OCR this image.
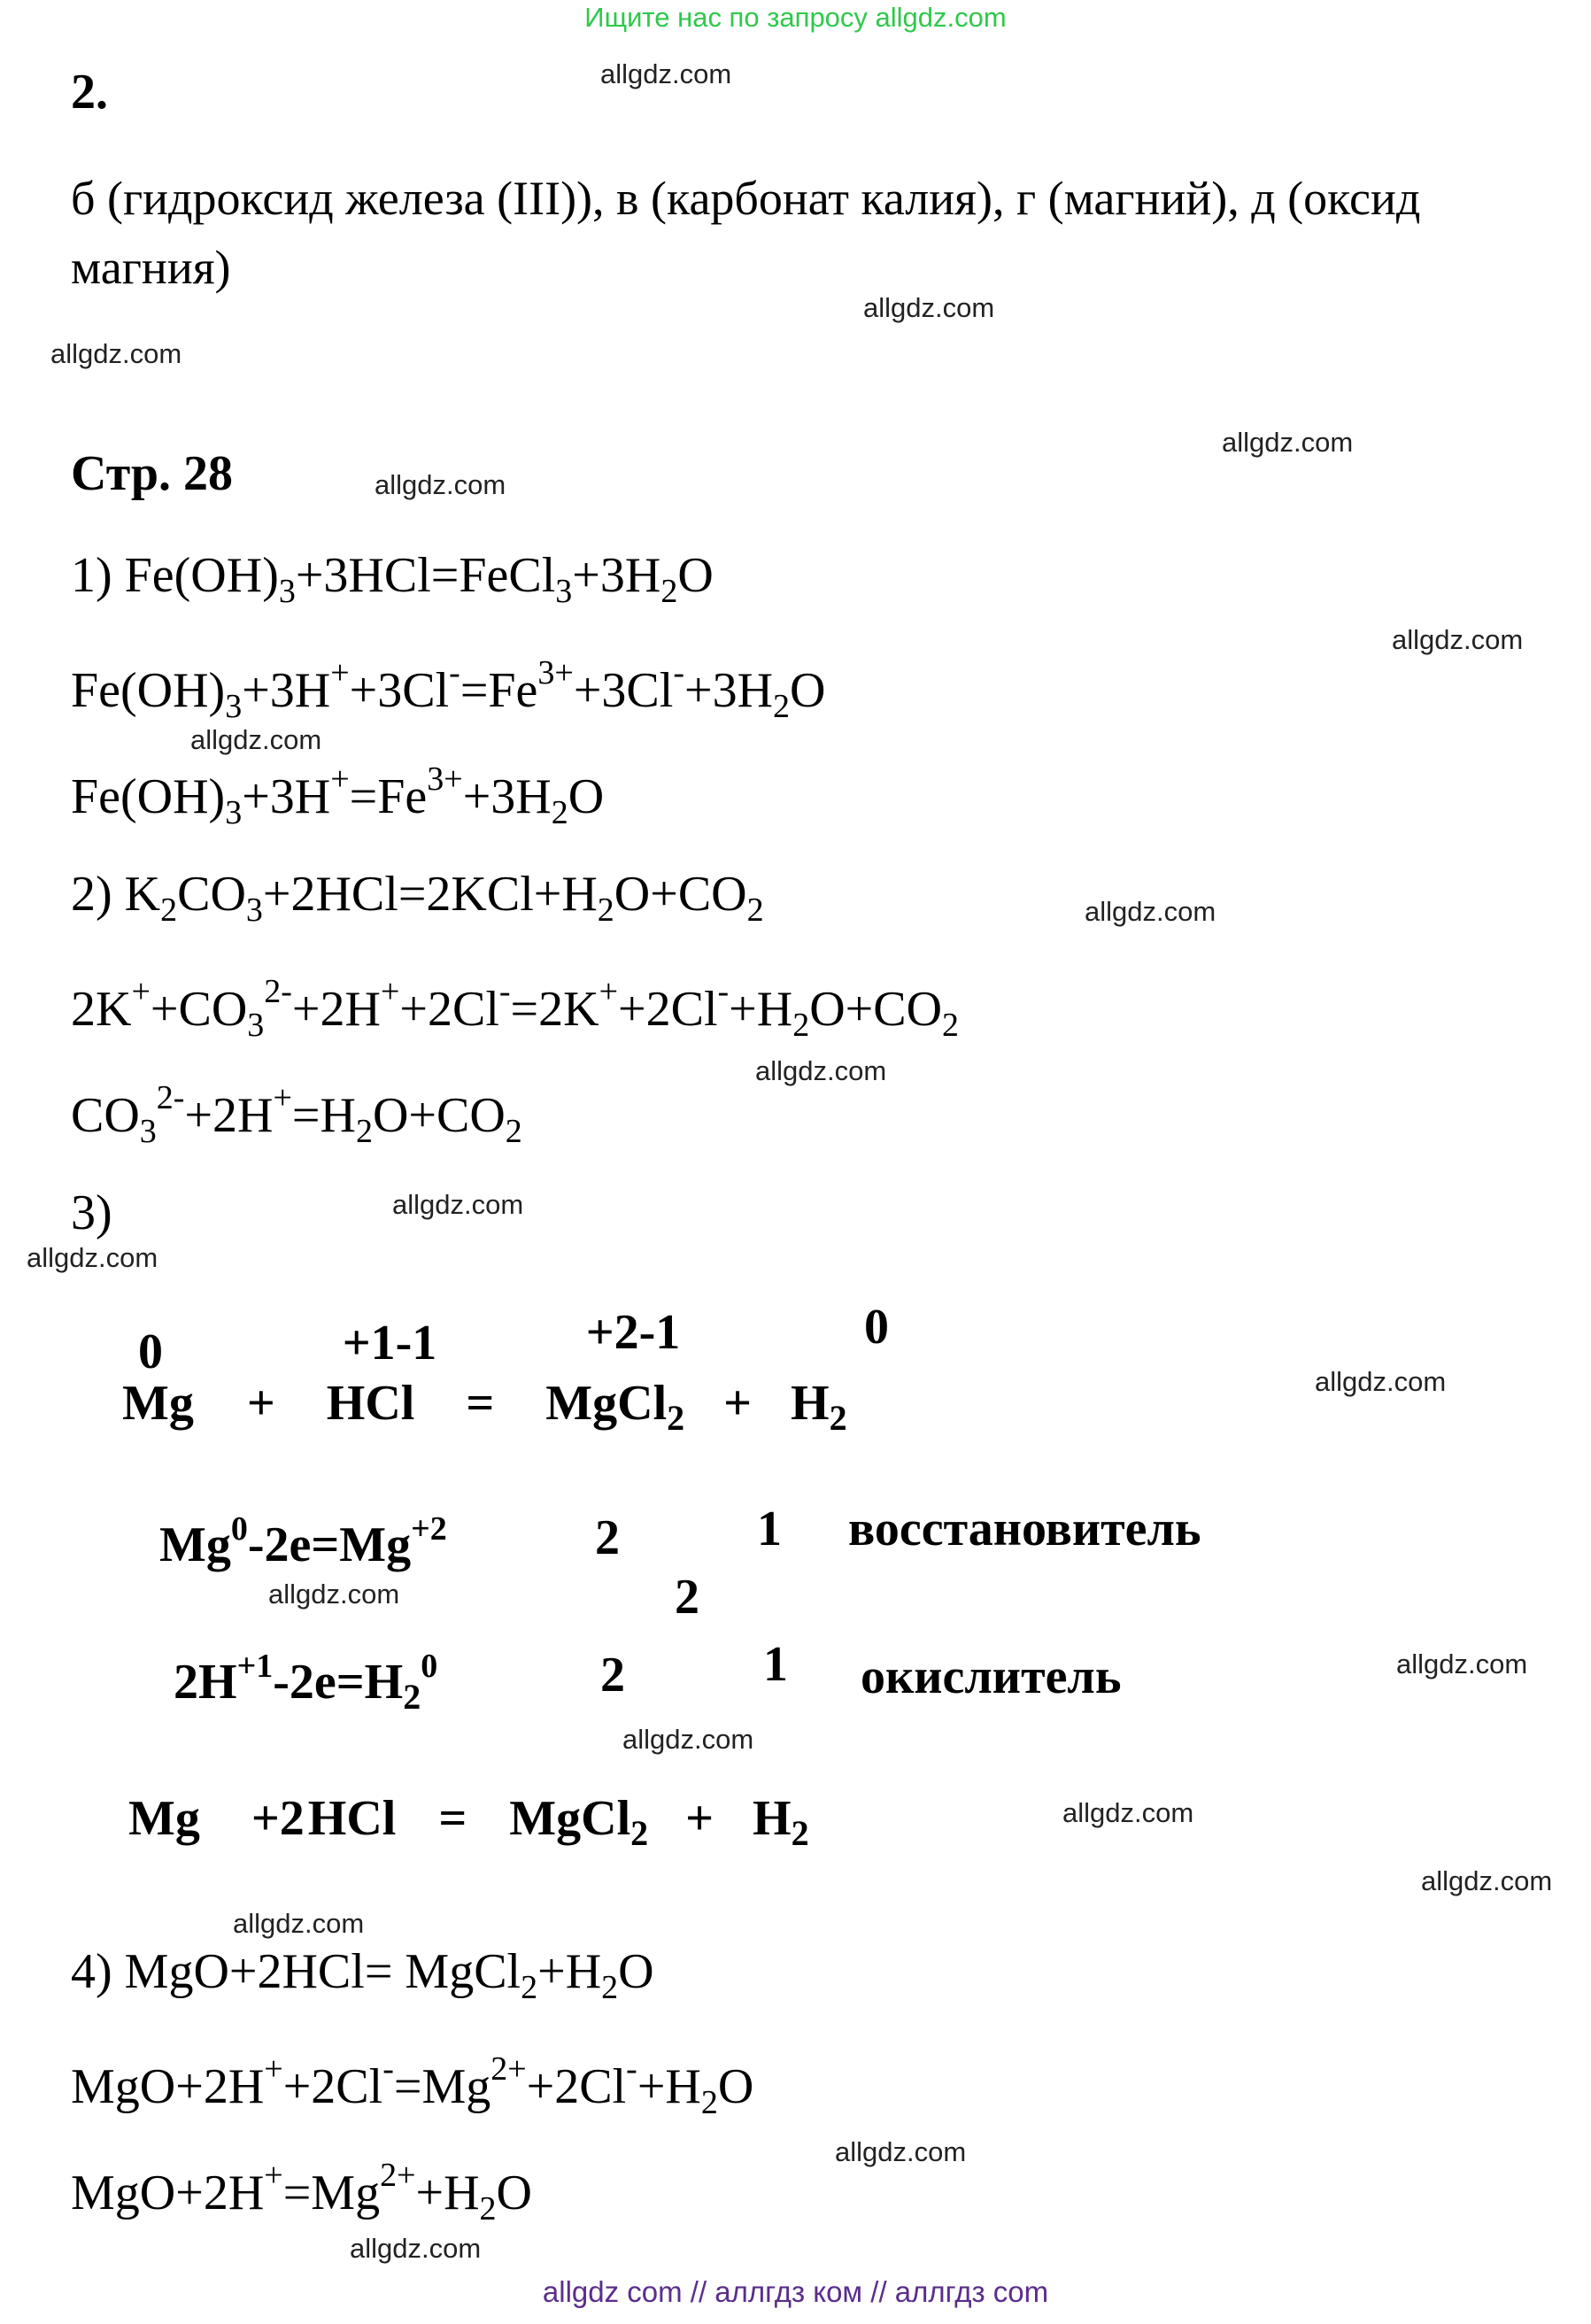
Ищите нас по запросу allgdz.com
2.
б (гидроксид железа (III)), в (карбонат калия), г (магний), д (оксид магния)
Стр. 28
1) $Fe(OH)_3+3HCl=FeCl_3+3H_2O$
$Fe(OH)_3+3H^++3Cl^-=Fe^{3+}+3Cl^-+3H_2O$
$Fe(OH)_3+3H^+=Fe^{3+}+3H_2O$
2) $K_2CO_3+2HCl=2KCl+H_2O+CO_2$
$2K^++CO_3^{2-}+2H^++2Cl^-=2K^++2Cl^-+H_2O+CO_2$
$CO_3^{2-}+2H^+=H_2O+CO_2$
3)
0	+1-1	+2-1	0
Mg + HCl = MgCl$_2$ + $H_2$
$Mg^0-2e=Mg^{+2}$	2	1 восстановитель
2
$2H^{+1}-2e=H_2^0$	2	1 окислитель
Mg +2HCl = MgCl$_2$ + $H_2$
4) $MgO+2HCl= MgCl_2+H_2O$
$MgO+2H^++2Cl^-=Mg^{2+}+2Cl^-+H_2O$
$MgO+2H^+=Mg^{2+}+H_2O$
allgdz.com
allgdz.com
allgdz.com
allgdz.com
allgdz.com
allgdz.com
allgdz.com
allgdz.com
allgdz.com
allgdz.com
allgdz.com
allgdz.com
allgdz.com
allgdz.com
allgdz.com
allgdz.com
allgdz.com
allgdz.com
allgdz.com
allgdz.com
allgdz com // аллгдз ком // аллгдз com
